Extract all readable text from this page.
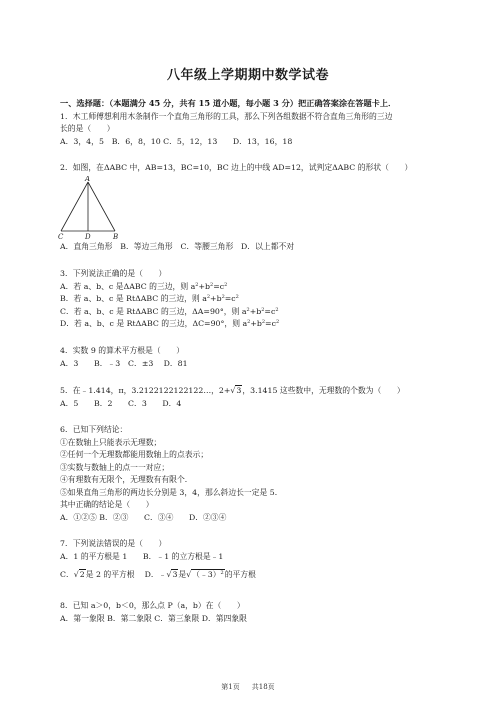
八年级上学期期中数学试卷
一、选择题：（本题满分 45 分，共有 15 道小题，每小题 3 分）把正确答案涂在答题卡上．
1．木工师傅想利用木条制作一个直角三角形的工具，那么下列各组数据不符合直角三角形的三边
长的是（　　）
A．3，4，5　B．6，8，10 C．5，12，13　　D．13，16，18
2．如图，在ΔABC 中，AB=13，BC=10，BC 边上的中线 AD=12，试判定ΔABC 的形状（　　）
A
C	D	B
A．直角三角形　B．等边三角形　C．等腰三角形　D．以上都不对
3．下列说法正确的是（　　）
A．若 a、b、c 是ΔABC 的三边，则 $a^2+b^2=c^2$
B．若 a、b、c 是 RtΔABC 的三边，则 $a^2+b^2=c^2$
C．若 a、b、c 是 RtΔABC 的三边，ΔA=90°，则 $a^2+b^2=c^2$
D．若 a、b、c 是 RtΔABC 的三边，ΔC=90°，则 $a^2+b^2=c^2$
4．实数 9 的算术平方根是（　　）
A．3　　B．﹣3　C．±3　 D．81
5．在﹣1.414，π，3.2122122122122…，2+√3，3.1415 这些数中，无理数的个数为（　　）
A．5　　B．2　　C．3　　D．4
6．已知下列结论：
①在数轴上只能表示无理数；
②任何一个无理数都能用数轴上的点表示；
③实数与数轴上的点一一对应；
④有理数有无限个，无理数有有限个．
⑤如果直角三角形的两边长分别是 3，4，那么斜边长一定是 5．
其中正确的结论是（　　）
A．①②⑤ B．②③　　C．③④　　D．②③④
7．下列说法错误的是（　　）
A．1 的平方根是 1　　B．﹣1 的立方根是﹣1
C．√2是 2 的平方根 D．﹣√3是√（﹣3）$^2$的平方根
8．已知 a＞0，b＜0，那么点 P（a，b）在（　　）
A．第一象限 B．第二象限 C．第三象限 D．第四象限
第1页 共18页
